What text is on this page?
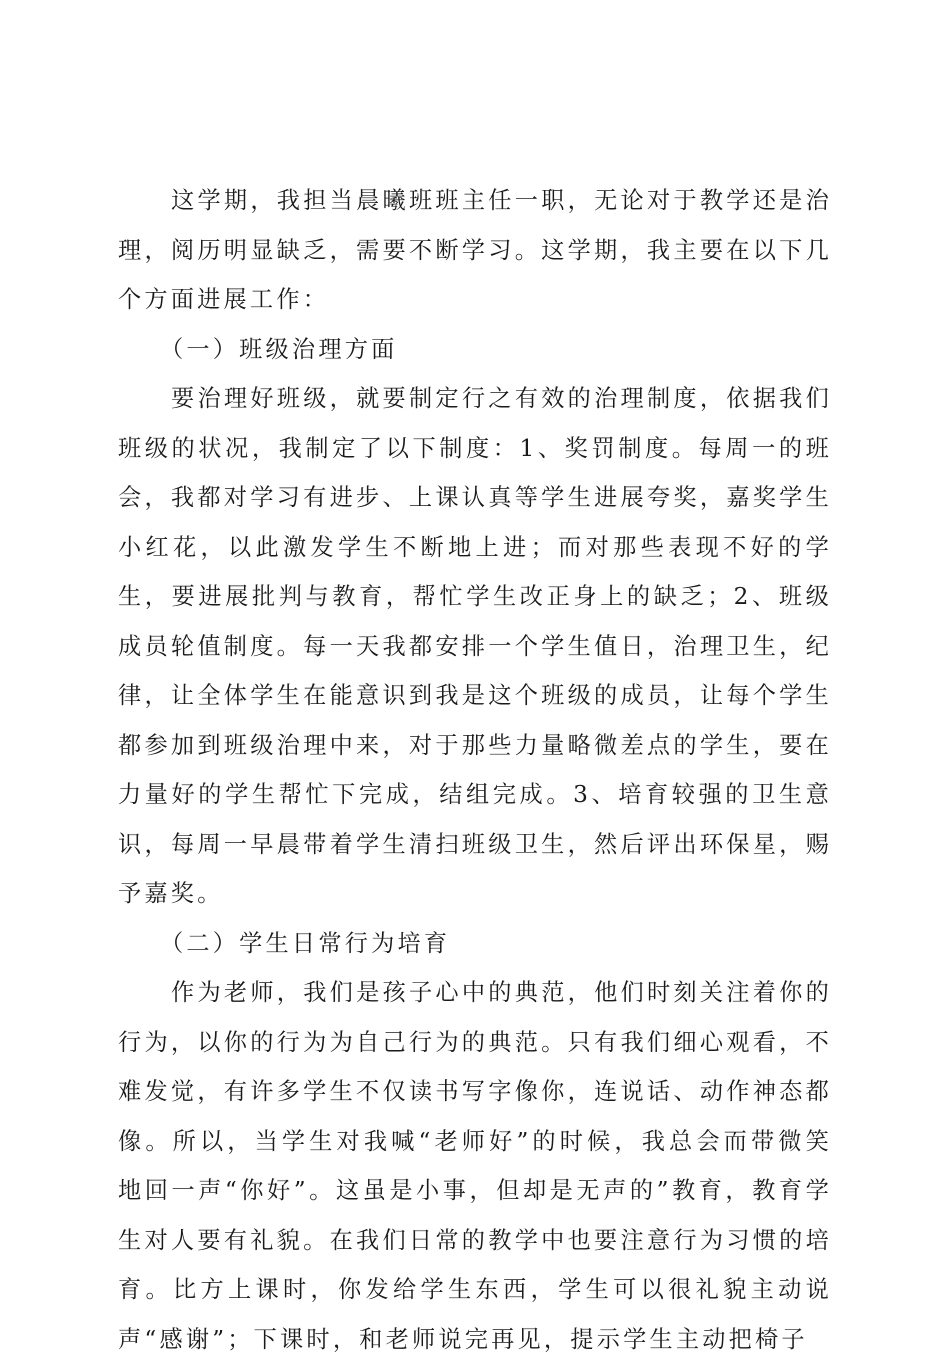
这学期，我担当晨曦班班主任一职，无论对于教学还是治理，阅历明显缺乏，需要不断学习。这学期，我主要在以下几个方面进展工作：

（一）班级治理方面

要治理好班级，就要制定行之有效的治理制度，依据我们班级的状况，我制定了以下制度：1、奖罚制度。每周一的班会，我都对学习有进步、上课认真等学生进展夸奖，嘉奖学生小红花，以此激发学生不断地上进；而对那些表现不好的学生，要进展批判与教育，帮忙学生改正身上的缺乏；2、班级成员轮值制度。每一天我都安排一个学生值日，治理卫生，纪律，让全体学生在能意识到我是这个班级的成员，让每个学生都参加到班级治理中来，对于那些力量略微差点的学生，要在力量好的学生帮忙下完成，结组完成。3、培育较强的卫生意识，每周一早晨带着学生清扫班级卫生，然后评出环保星，赐予嘉奖。

（二）学生日常行为培育

作为老师，我们是孩子心中的典范，他们时刻关注着你的行为，以你的行为为自己行为的典范。只有我们细心观看，不难发觉，有许多学生不仅读书写字像你，连说话、动作神态都像。所以，当学生对我喊“老师好”的时候，我总会而带微笑地回一声“你好”。这虽是小事，但却是无声的”教育，教育学生对人要有礼貌。在我们日常的教学中也要注意行为习惯的培育。比方上课时，你发给学生东西，学生可以很礼貌主动说声“感谢”；下课时，和老师说完再见，提示学生主动把椅子
